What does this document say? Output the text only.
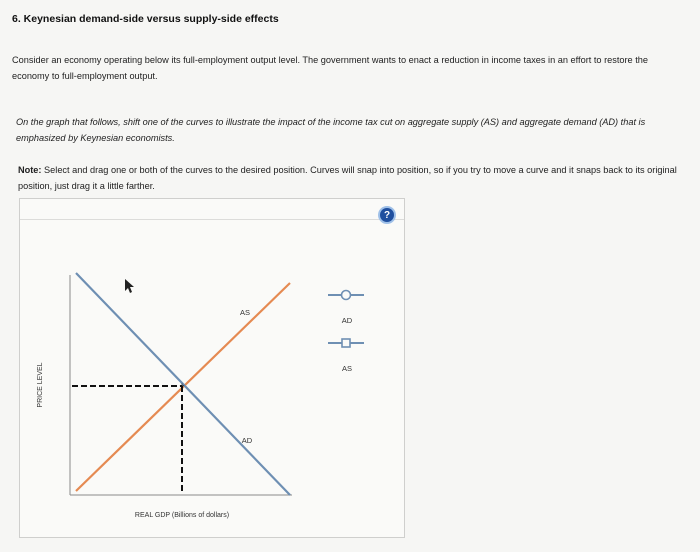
6. Keynesian demand-side versus supply-side effects
Consider an economy operating below its full-employment output level. The government wants to enact a reduction in income taxes in an effort to restore the economy to full-employment output.
On the graph that follows, shift one of the curves to illustrate the impact of the income tax cut on aggregate supply (AS) and aggregate demand (AD) that is emphasized by Keynesian economists.
Note: Select and drag one or both of the curves to the desired position. Curves will snap into position, so if you try to move a curve and it snaps back to its original position, just drag it a little farther.
?
PRICE LEVEL
REAL GDP (Billions of dollars)
AS
AD
+
AD
AS
